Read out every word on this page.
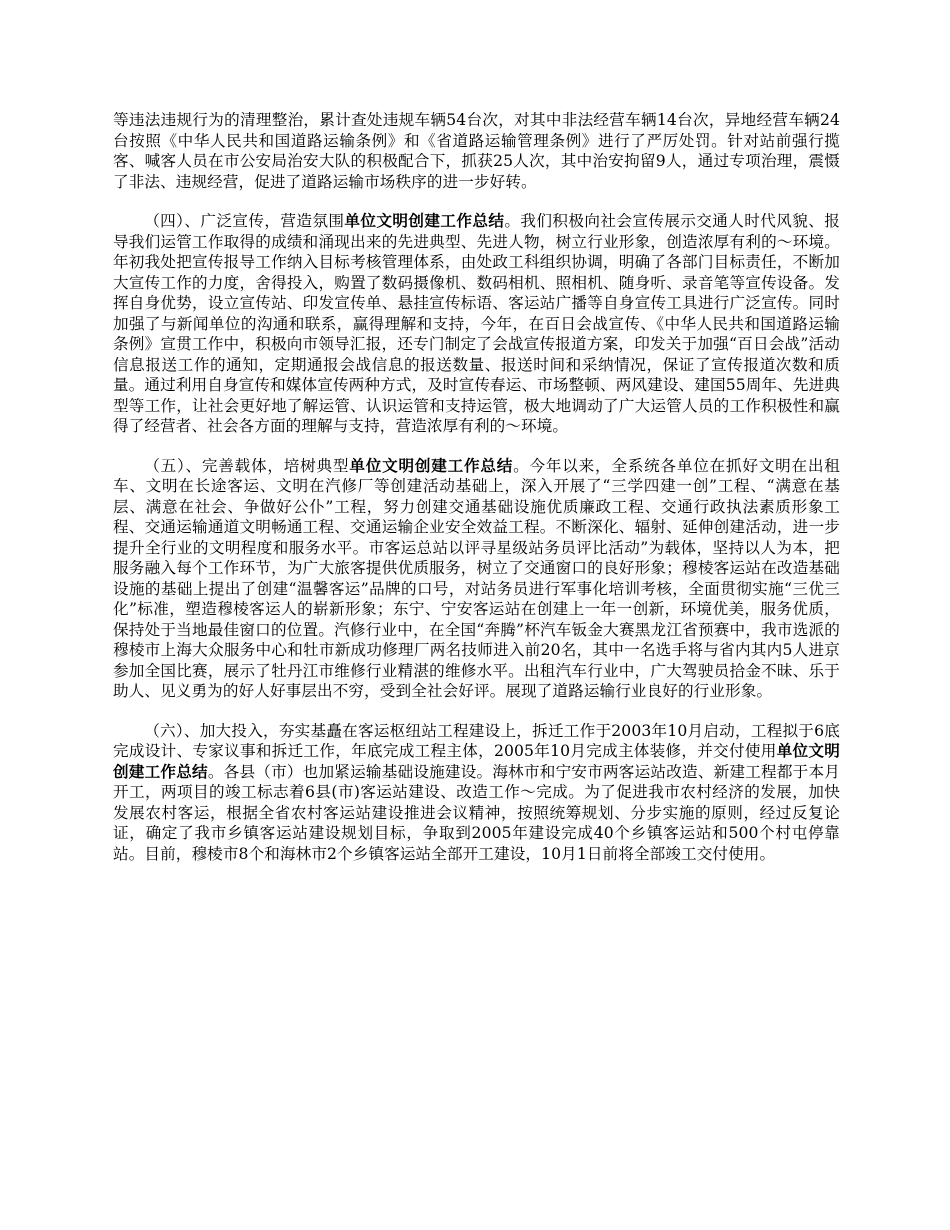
等违法违规行为的清理整治，累计查处违规车辆54台次，对其中非法经营车辆14台次，异地经营车辆24台按照《中华人民共和国道路运输条例》和《省道路运输管理条例》进行了严厉处罚。针对站前强行揽客、喊客人员在市公安局治安大队的积极配合下，抓获25人次，其中治安拘留9人，通过专项治理，震慑了非法、违规经营，促进了道路运输市场秩序的进一步好转。

（四）、广泛宣传，营造氛围单位文明创建工作总结。我们积极向社会宣传展示交通人时代风貌、报导我们运管工作取得的成绩和涌现出来的先进典型、先进人物，树立行业形象，创造浓厚有利的～环境。年初我处把宣传报导工作纳入目标考核管理体系，由处政工科组织协调，明确了各部门目标责任，不断加大宣传工作的力度，舍得投入，购置了数码摄像机、数码相机、照相机、随身听、录音笔等宣传设备。发挥自身优势，设立宣传站、印发宣传单、悬挂宣传标语、客运站广播等自身宣传工具进行广泛宣传。同时加强了与新闻单位的沟通和联系，赢得理解和支持，今年，在百日会战宣传、《中华人民共和国道路运输条例》宣贯工作中，积极向市领导汇报，还专门制定了会战宣传报道方案，印发关于加强“百日会战”活动信息报送工作的通知，定期通报会战信息的报送数量、报送时间和采纳情况，保证了宣传报道次数和质量。通过利用自身宣传和媒体宣传两种方式，及时宣传春运、市场整顿、两风建设、建国55周年、先进典型等工作，让社会更好地了解运管、认识运管和支持运管，极大地调动了广大运管人员的工作积极性和赢得了经营者、社会各方面的理解与支持，营造浓厚有利的～环境。

（五）、完善载体，培树典型单位文明创建工作总结。今年以来，全系统各单位在抓好文明在出租车、文明在长途客运、文明在汽修厂等创建活动基础上，深入开展了“三学四建一创”工程、“满意在基层、满意在社会、争做好公仆”工程，努力创建交通基础设施优质廉政工程、交通行政执法素质形象工程、交通运输通道文明畅通工程、交通运输企业安全效益工程。不断深化、辐射、延伸创建活动，进一步提升全行业的文明程度和服务水平。市客运总站以评寻星级站务员评比活动”为载体，坚持以人为本，把服务融入每个工作环节，为广大旅客提供优质服务，树立了交通窗口的良好形象；穆棱客运站在改造基础设施的基础上提出了创建“温馨客运”品牌的口号，对站务员进行军事化培训考核，全面贯彻实施“三优三化”标准，塑造穆棱客运人的崭新形象；东宁、宁安客运站在创建上一年一创新，环境优美，服务优质，保持处于当地最佳窗口的位置。汽修行业中，在全国“奔腾”杯汽车钣金大赛黑龙江省预赛中，我市选派的穆棱市上海大众服务中心和牡市新成功修理厂两名技师进入前20名，其中一名选手将与省内其内5人进京参加全国比赛，展示了牡丹江市维修行业精湛的维修水平。出租汽车行业中，广大驾驶员拾金不昧、乐于助人、见义勇为的好人好事层出不穷，受到全社会好评。展现了道路运输行业良好的行业形象。

（六）、加大投入，夯实基矗在客运枢纽站工程建设上，拆迁工作于2003年10月启动，工程拟于6底完成设计、专家议事和拆迁工作，年底完成工程主体，2005年10月完成主体装修，并交付使用单位文明创建工作总结。各县（市）也加紧运输基础设施建设。海林市和宁安市两客运站改造、新建工程都于本月开工，两项目的竣工标志着6县(市)客运站建设、改造工作～完成。为了促进我市农村经济的发展，加快发展农村客运，根据全省农村客运站建设推进会议精神，按照统筹规划、分步实施的原则，经过反复论证，确定了我市乡镇客运站建设规划目标，争取到2005年建设完成40个乡镇客运站和500个村屯停靠站。目前，穆棱市8个和海林市2个乡镇客运站全部开工建设，10月1日前将全部竣工交付使用。
